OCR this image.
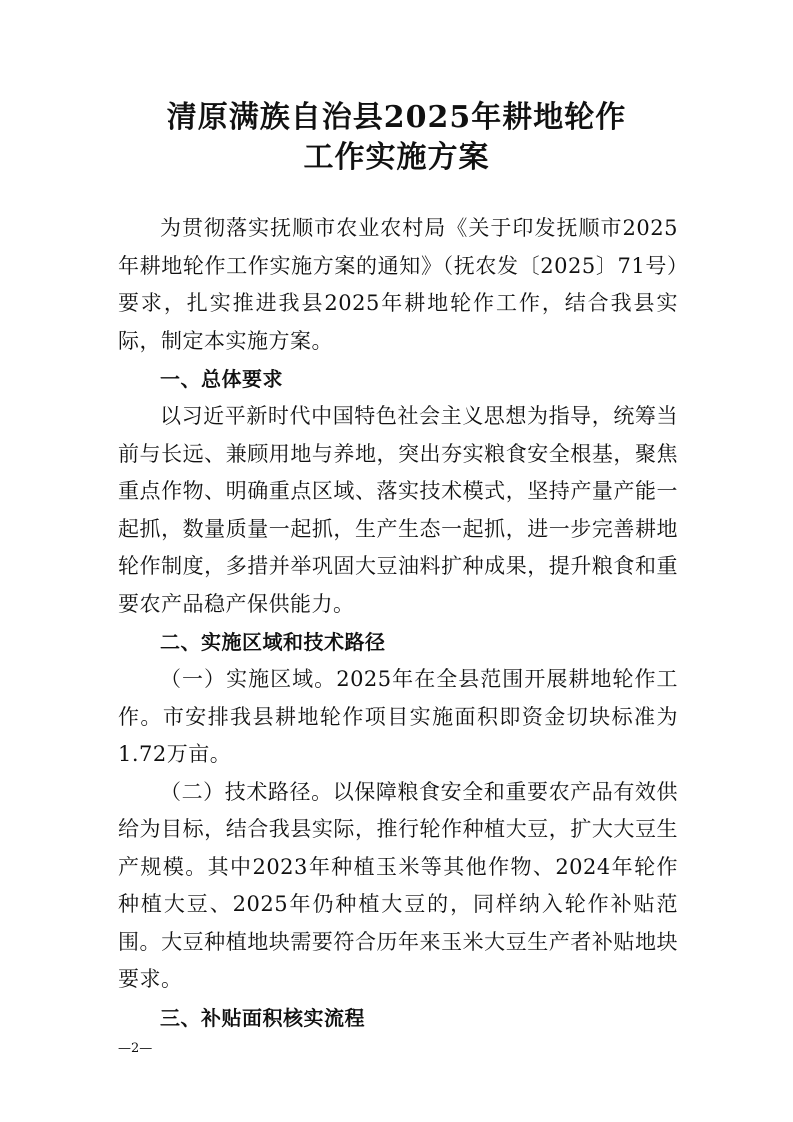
清原满族自治县2025年耕地轮作
工作实施方案

为贯彻落实抚顺市农业农村局《关于印发抚顺市2025年耕地轮作工作实施方案的通知》（抚农发〔2025〕71号）要求，扎实推进我县2025年耕地轮作工作，结合我县实际，制定本实施方案。

一、总体要求

以习近平新时代中国特色社会主义思想为指导，统筹当前与长远、兼顾用地与养地，突出夯实粮食安全根基，聚焦重点作物、明确重点区域、落实技术模式，坚持产量产能一起抓，数量质量一起抓，生产生态一起抓，进一步完善耕地轮作制度，多措并举巩固大豆油料扩种成果，提升粮食和重要农产品稳产保供能力。

二、实施区域和技术路径

（一）实施区域。2025年在全县范围开展耕地轮作工作。市安排我县耕地轮作项目实施面积即资金切块标准为1.72万亩。

（二）技术路径。以保障粮食安全和重要农产品有效供给为目标，结合我县实际，推行轮作种植大豆，扩大大豆生产规模。其中2023年种植玉米等其他作物、2024年轮作种植大豆、2025年仍种植大豆的，同样纳入轮作补贴范围。大豆种植地块需要符合历年来玉米大豆生产者补贴地块要求。

三、补贴面积核实流程

—2—
